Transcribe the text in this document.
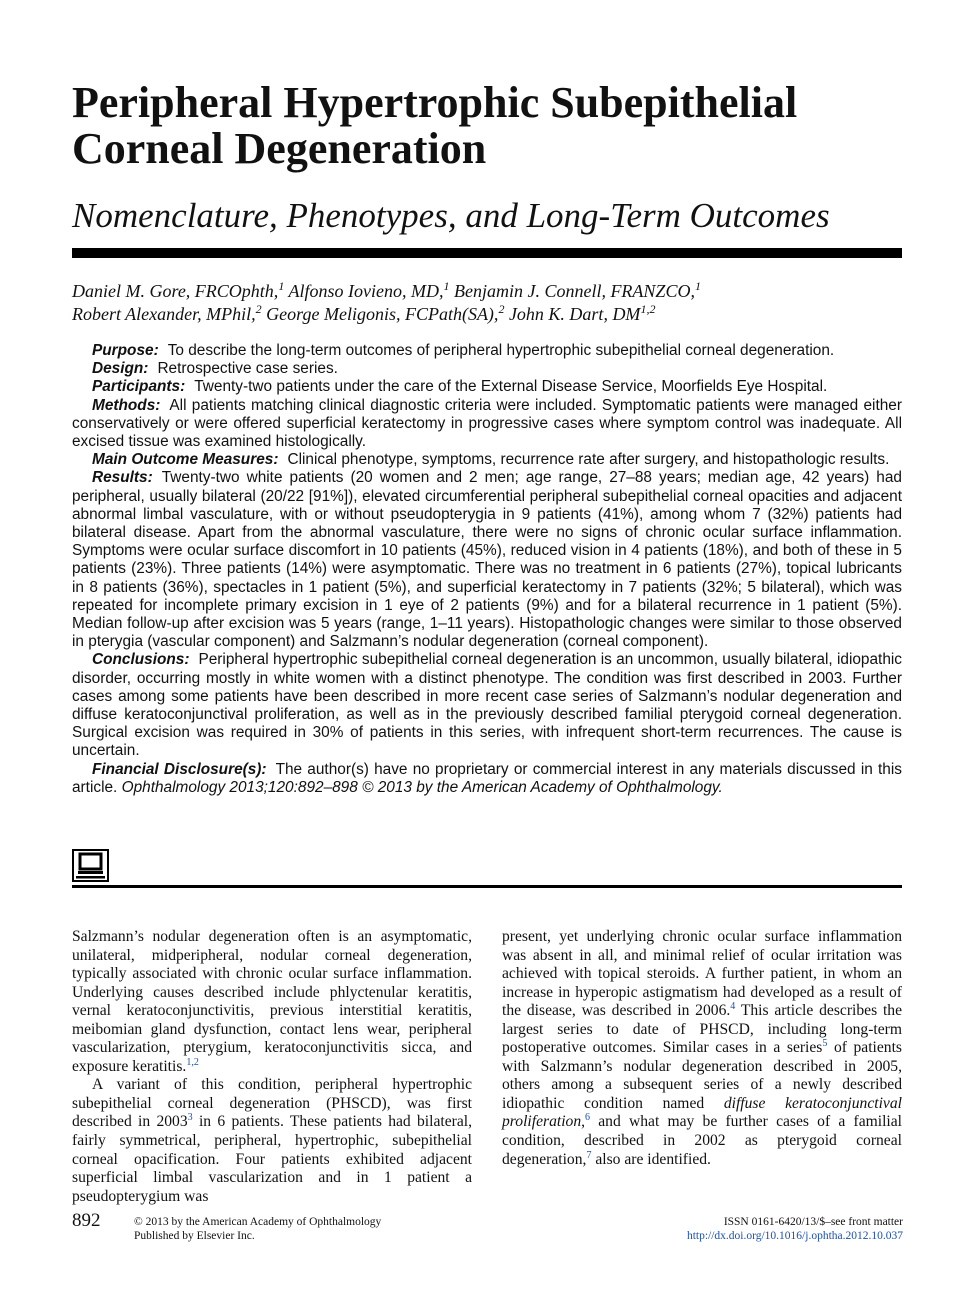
Peripheral Hypertrophic Subepithelial Corneal Degeneration
Nomenclature, Phenotypes, and Long-Term Outcomes
Daniel M. Gore, FRCOphth,$^1$ Alfonso Iovieno, MD,$^1$ Benjamin J. Connell, FRANZCO,$^1$
Robert Alexander, MPhil,$^2$ George Meligonis, FCPath(SA),$^2$ John K. Dart, DM$^{1,2}$

Purpose: To describe the long-term outcomes of peripheral hypertrophic subepithelial corneal degeneration.

Design: Retrospective case series.

Participants: Twenty-two patients under the care of the External Disease Service, Moorfields Eye Hospital.

Methods: All patients matching clinical diagnostic criteria were included. Symptomatic patients were managed either conservatively or were offered superficial keratectomy in progressive cases where symptom control was inadequate. All excised tissue was examined histologically.

Main Outcome Measures: Clinical phenotype, symptoms, recurrence rate after surgery, and histopathologic results.

Results: Twenty-two white patients (20 women and 2 men; age range, 27–88 years; median age, 42 years) had peripheral, usually bilateral (20/22 [91%]), elevated circumferential peripheral subepithelial corneal opacities and adjacent abnormal limbal vasculature, with or without pseudopterygia in 9 patients (41%), among whom 7 (32%) patients had bilateral disease. Apart from the abnormal vasculature, there were no signs of chronic ocular surface inflammation. Symptoms were ocular surface discomfort in 10 patients (45%), reduced vision in 4 patients (18%), and both of these in 5 patients (23%). Three patients (14%) were asymptomatic. There was no treatment in 6 patients (27%), topical lubricants in 8 patients (36%), spectacles in 1 patient (5%), and superficial keratectomy in 7 patients (32%; 5 bilateral), which was repeated for incomplete primary excision in 1 eye of 2 patients (9%) and for a bilateral recurrence in 1 patient (5%). Median follow-up after excision was 5 years (range, 1–11 years). Histopathologic changes were similar to those observed in pterygia (vascular component) and Salzmann’s nodular degeneration (corneal component).

Conclusions: Peripheral hypertrophic subepithelial corneal degeneration is an uncommon, usually bilateral, idiopathic disorder, occurring mostly in white women with a distinct phenotype. The condition was first described in 2003. Further cases among some patients have been described in more recent case series of Salzmann’s nodular degeneration and diffuse keratoconjunctival proliferation, as well as in the previously described familial pterygoid corneal degeneration. Surgical excision was required in 30% of patients in this series, with infrequent short-term recurrences. The cause is uncertain.

Financial Disclosure(s): The author(s) have no proprietary or commercial interest in any materials discussed in this article. Ophthalmology 2013;120:892–898 © 2013 by the American Academy of Ophthalmology.

Salzmann’s nodular degeneration often is an asymptomatic, unilateral, midperipheral, nodular corneal degeneration, typically associated with chronic ocular surface inflammation. Underlying causes described include phlyctenular keratitis, vernal keratoconjunctivitis, previous interstitial keratitis, meibomian gland dysfunction, contact lens wear, peripheral vascularization, pterygium, keratoconjunctivitis sicca, and exposure keratitis.$^{1,2}$

A variant of this condition, peripheral hypertrophic subepithelial corneal degeneration (PHSCD), was first described in 2003$^3$ in 6 patients. These patients had bilateral, fairly symmetrical, peripheral, hypertrophic, subepithelial corneal opacification. Four patients exhibited adjacent superficial limbal vascularization and in 1 patient a pseudopterygium was

present, yet underlying chronic ocular surface inflammation was absent in all, and minimal relief of ocular irritation was achieved with topical steroids. A further patient, in whom an increase in hyperopic astigmatism had developed as a result of the disease, was described in 2006.$^4$ This article describes the largest series to date of PHSCD, including long-term postoperative outcomes. Similar cases in a series$^5$ of patients with Salzmann’s nodular degeneration described in 2005, others among a subsequent series of a newly described idiopathic condition named diffuse keratoconjunctival proliferation,$^6$ and what may be further cases of a familial condition, described in 2002 as pterygoid corneal degeneration,$^7$ also are identified.

892	© 2013 by the American Academy of Ophthalmology
Published by Elsevier Inc.
ISSN 0161-6420/13/$–see front matter
http://dx.doi.org/10.1016/j.ophtha.2012.10.037
